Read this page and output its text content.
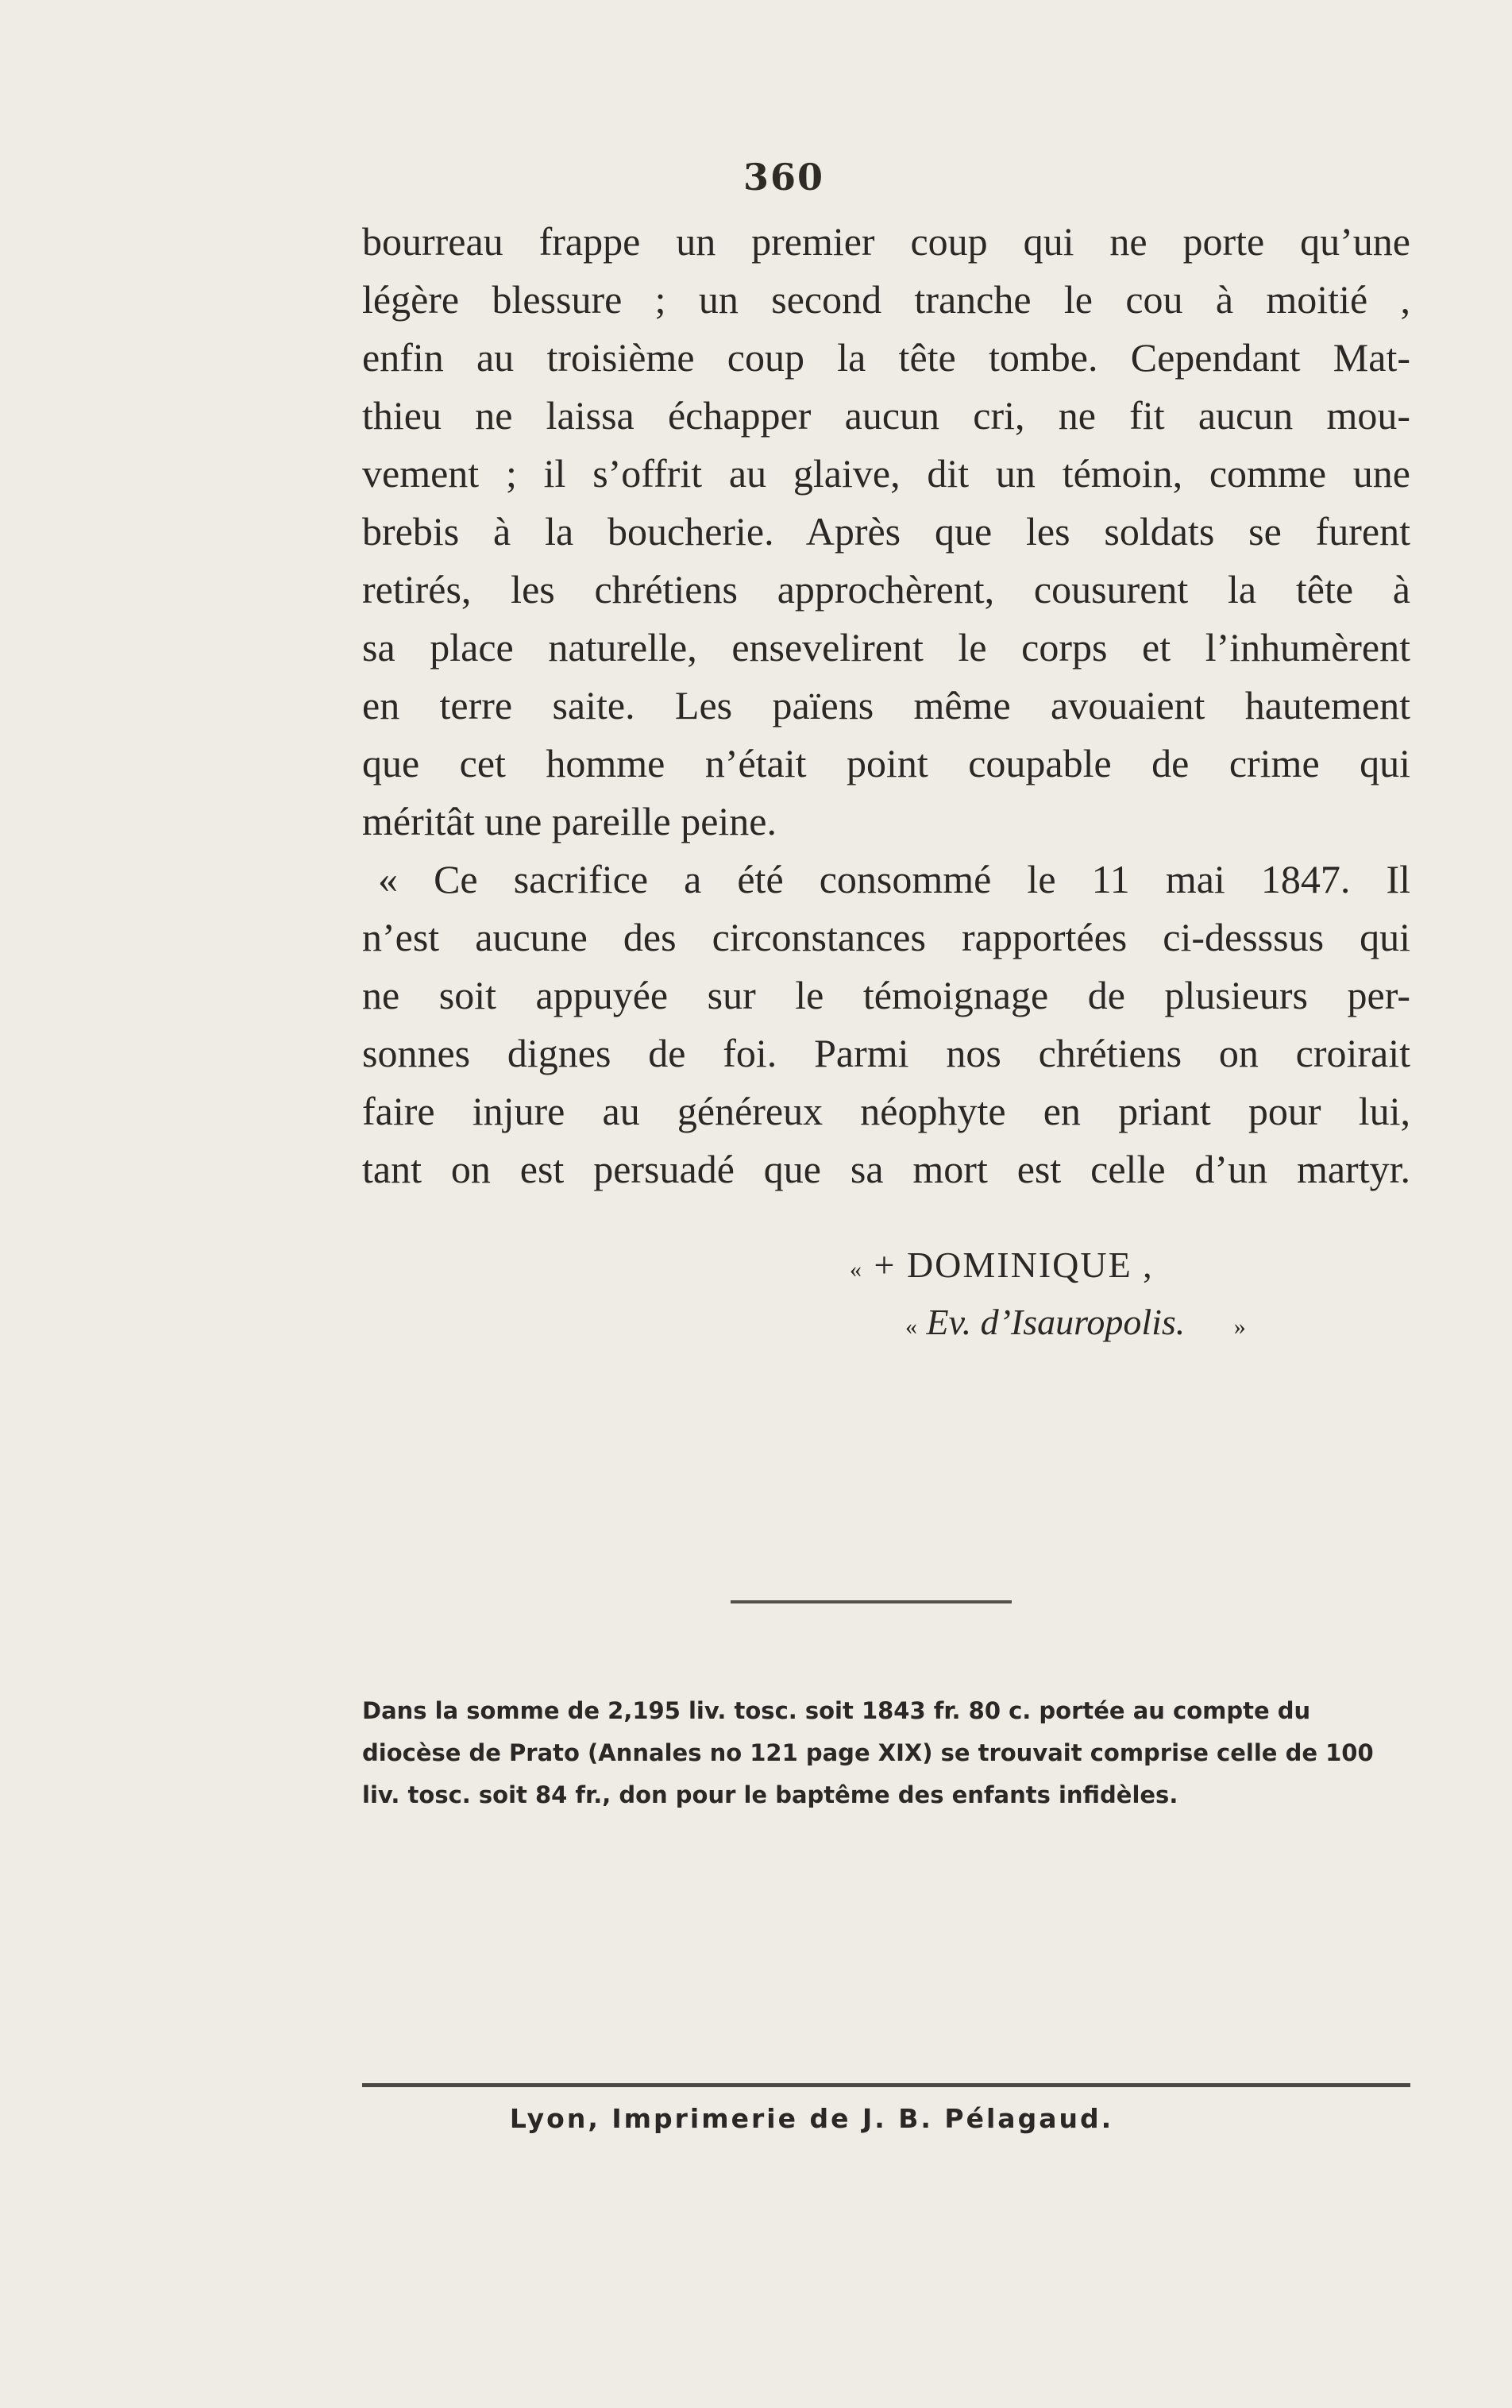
360
bourreau frappe un premier coup qui ne porte qu’une
légère blessure ; un second tranche le cou à moitié ,
enfin au troisième coup la tête tombe. Cependant Mat-
thieu ne laissa échapper aucun cri, ne fit aucun mou-
vement ; il s’offrit au glaive, dit un témoin, comme une
brebis à la boucherie. Après que les soldats se furent
retirés, les chrétiens approchèrent, cousurent la tête à
sa place naturelle, ensevelirent le corps et l’inhumèrent
en terre saite. Les païens même avouaient hautement
que cet homme n’était point coupable de crime qui
méritât une pareille peine.
« Ce sacrifice a été consommé le 11 mai 1847. Il
n’est aucune des circonstances rapportées ci-desssus qui
ne soit appuyée sur le témoignage de plusieurs per-
sonnes dignes de foi. Parmi nos chrétiens on croirait
faire injure au généreux néophyte en priant pour lui,
tant on est persuadé que sa mort est celle d’un martyr.
« + DOMINIQUE ,
« Ev. d’Isauropolis. »
Dans la somme de 2,195 liv. tosc. soit 1843 fr. 80 c. portée au compte du diocèse de Prato (Annales no 121 page XIX) se trouvait comprise celle de 100 liv. tosc. soit 84 fr., don pour le baptême des enfants infidèles.
Lyon, Imprimerie de J. B. Pélagaud.
